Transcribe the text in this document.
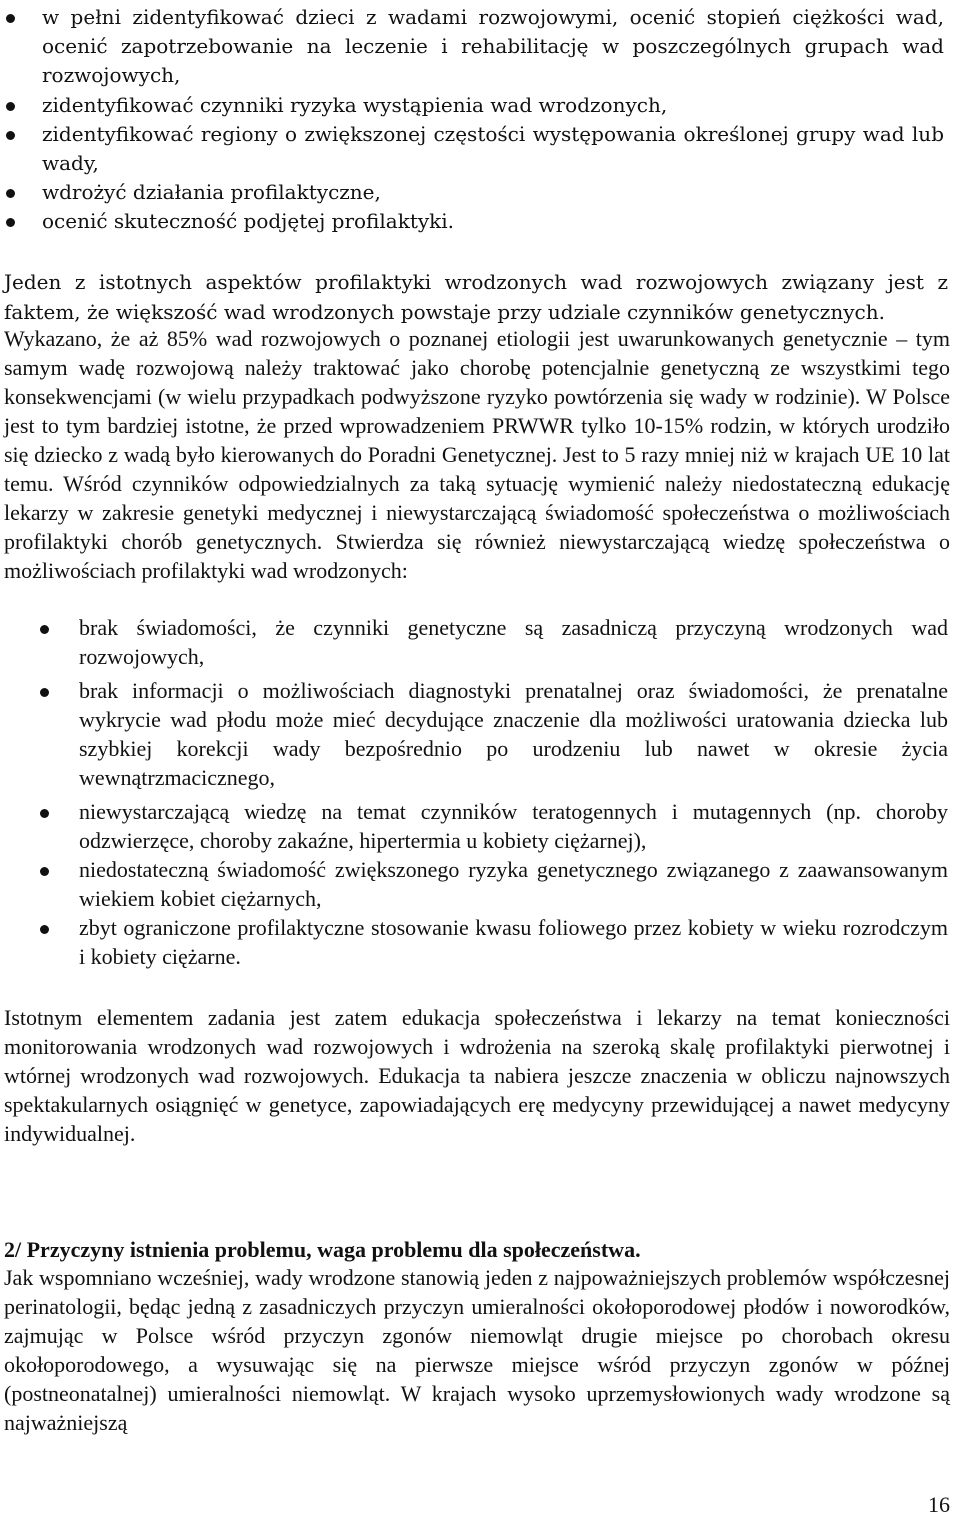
w pełni zidentyfikować dzieci z wadami rozwojowymi, ocenić stopień ciężkości wad, ocenić zapotrzebowanie na leczenie i rehabilitację w poszczególnych grupach wad rozwojowych,
zidentyfikować czynniki ryzyka wystąpienia wad wrodzonych,
zidentyfikować regiony o zwiększonej częstości występowania określonej grupy wad lub wady,
wdrożyć działania profilaktyczne,
ocenić skuteczność podjętej profilaktyki.

Jeden z istotnych aspektów profilaktyki wrodzonych wad rozwojowych związany jest z faktem, że większość wad wrodzonych powstaje przy udziale czynników genetycznych.

Wykazano, że aż 85% wad rozwojowych o poznanej etiologii jest uwarunkowanych genetycznie – tym samym wadę rozwojową należy traktować jako chorobę potencjalnie genetyczną ze wszystkimi tego konsekwencjami (w wielu przypadkach podwyższone ryzyko powtórzenia się wady w rodzinie). W Polsce jest to tym bardziej istotne, że przed wprowadzeniem PRWWR tylko 10-15% rodzin, w których urodziło się dziecko z wadą było kierowanych do Poradni Genetycznej. Jest to 5 razy mniej niż w krajach UE 10 lat temu. Wśród czynników odpowiedzialnych za taką sytuację wymienić należy niedostateczną edukację lekarzy w zakresie genetyki medycznej i niewystarczającą świadomość społeczeństwa o możliwościach profilaktyki chorób genetycznych. Stwierdza się również niewystarczającą wiedzę społeczeństwa o możliwościach profilaktyki wad wrodzonych:

brak świadomości, że czynniki genetyczne są zasadniczą przyczyną wrodzonych wad rozwojowych,
brak informacji o możliwościach diagnostyki prenatalnej oraz świadomości, że prenatalne wykrycie wad płodu może mieć decydujące znaczenie dla możliwości uratowania dziecka lub szybkiej korekcji wady bezpośrednio po urodzeniu lub nawet w okresie życia wewnątrzmacicznego,
niewystarczającą wiedzę na temat czynników teratogennych i mutagennych (np. choroby odzwierzęce, choroby zakaźne, hipertermia u kobiety ciężarnej),
niedostateczną świadomość zwiększonego ryzyka genetycznego związanego z zaawansowanym wiekiem kobiet ciężarnych,
zbyt ograniczone profilaktyczne stosowanie kwasu foliowego przez kobiety w wieku rozrodczym i kobiety ciężarne.

Istotnym elementem zadania jest zatem edukacja społeczeństwa i lekarzy na temat konieczności monitorowania wrodzonych wad rozwojowych i wdrożenia na szeroką skalę profilaktyki pierwotnej i wtórnej wrodzonych wad rozwojowych. Edukacja ta nabiera jeszcze znaczenia w obliczu najnowszych spektakularnych osiągnięć w genetyce, zapowiadających erę medycyny przewidującej a nawet medycyny indywidualnej.

2/ Przyczyny istnienia problemu, waga problemu dla społeczeństwa.

Jak wspomniano wcześniej, wady wrodzone stanowią jeden z najpoważniejszych problemów współczesnej perinatologii, będąc jedną z zasadniczych przyczyn umieralności okołoporodowej płodów i noworodków, zajmując w Polsce wśród przyczyn zgonów niemowląt drugie miejsce po chorobach okresu okołoporodowego, a wysuwając się na pierwsze miejsce wśród przyczyn zgonów w późnej (postneonatalnej) umieralności niemowląt. W krajach wysoko uprzemysłowionych wady wrodzone są najważniejszą

16
